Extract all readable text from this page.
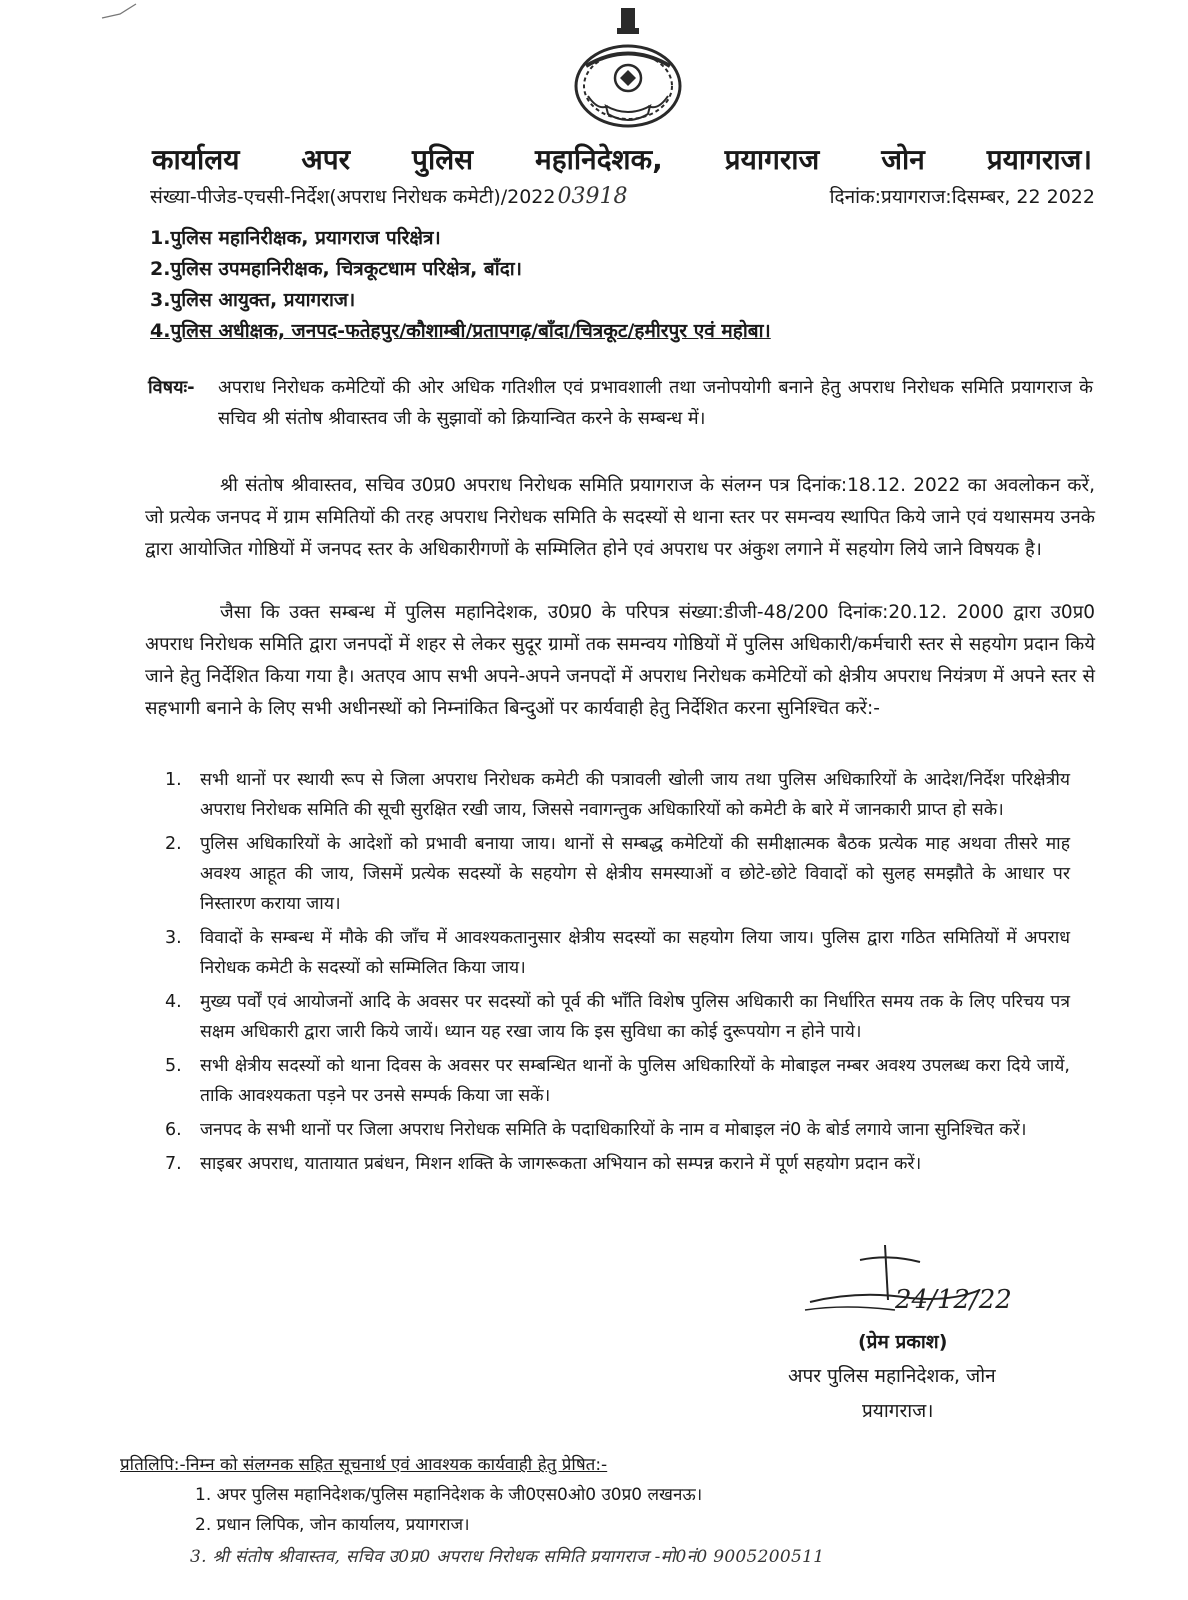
कार्यालय अपर पुलिस महानिदेशक, प्रयागराज जोन प्रयागराज।
संख्या-पीजेड-एचसी-निर्देश(अपराध निरोधक कमेटी)/202203918	दिनांक:प्रयागराज:दिसम्बर, 22 2022
1.पुलिस महानिरीक्षक, प्रयागराज परिक्षेत्र।
2.पुलिस उपमहानिरीक्षक, चित्रकूटधाम परिक्षेत्र, बाँदा।
3.पुलिस आयुक्त, प्रयागराज।
4.पुलिस अधीक्षक, जनपद-फतेहपुर/कौशाम्बी/प्रतापगढ़/बाँदा/चित्रकूट/हमीरपुर एवं महोबा।
विषयः-	अपराध निरोधक कमेटियों की ओर अधिक गतिशील एवं प्रभावशाली तथा जनोपयोगी बनाने हेतु अपराध निरोधक समिति प्रयागराज के सचिव श्री संतोष श्रीवास्तव जी के सुझावों को क्रियान्वित करने के सम्बन्ध में।
श्री संतोष श्रीवास्तव, सचिव उ0प्र0 अपराध निरोधक समिति प्रयागराज के संलग्न पत्र दिनांक:18.12. 2022 का अवलोकन करें, जो प्रत्येक जनपद में ग्राम समितियों की तरह अपराध निरोधक समिति के सदस्यों से थाना स्तर पर समन्वय स्थापित किये जाने एवं यथासमय उनके द्वारा आयोजित गोष्ठियों में जनपद स्तर के अधिकारीगणों के सम्मिलित होने एवं अपराध पर अंकुश लगाने में सहयोग लिये जाने विषयक है।
जैसा कि उक्त सम्बन्ध में पुलिस महानिदेशक, उ0प्र0 के परिपत्र संख्या:डीजी-48/200 दिनांक:20.12. 2000 द्वारा उ0प्र0 अपराध निरोधक समिति द्वारा जनपदों में शहर से लेकर सुदूर ग्रामों तक समन्वय गोष्ठियों में पुलिस अधिकारी/कर्मचारी स्तर से सहयोग प्रदान किये जाने हेतु निर्देशित किया गया है। अतएव आप सभी अपने-अपने जनपदों में अपराध निरोधक कमेटियों को क्षेत्रीय अपराध नियंत्रण में अपने स्तर से सहभागी बनाने के लिए सभी अधीनस्थों को निम्नांकित बिन्दुओं पर कार्यवाही हेतु निर्देशित करना सुनिश्चित करें:-
1.	सभी थानों पर स्थायी रूप से जिला अपराध निरोधक कमेटी की पत्रावली खोली जाय तथा पुलिस अधिकारियों के आदेश/निर्देश परिक्षेत्रीय अपराध निरोधक समिति की सूची सुरक्षित रखी जाय, जिससे नवागन्तुक अधिकारियों को कमेटी के बारे में जानकारी प्राप्त हो सके।
2.	पुलिस अधिकारियों के आदेशों को प्रभावी बनाया जाय। थानों से सम्बद्ध कमेटियों की समीक्षात्मक बैठक प्रत्येक माह अथवा तीसरे माह अवश्य आहूत की जाय, जिसमें प्रत्येक सदस्यों के सहयोग से क्षेत्रीय समस्याओं व छोटे-छोटे विवादों को सुलह समझौते के आधार पर निस्तारण कराया जाय।
3.	विवादों के सम्बन्ध में मौके की जाँच में आवश्यकतानुसार क्षेत्रीय सदस्यों का सहयोग लिया जाय। पुलिस द्वारा गठित समितियों में अपराध निरोधक कमेटी के सदस्यों को सम्मिलित किया जाय।
4.	मुख्य पर्वों एवं आयोजनों आदि के अवसर पर सदस्यों को पूर्व की भाँति विशेष पुलिस अधिकारी का निर्धारित समय तक के लिए परिचय पत्र सक्षम अधिकारी द्वारा जारी किये जायें। ध्यान यह रखा जाय कि इस सुविधा का कोई दुरूपयोग न होने पाये।
5.	सभी क्षेत्रीय सदस्यों को थाना दिवस के अवसर पर सम्बन्धित थानों के पुलिस अधिकारियों के मोबाइल नम्बर अवश्य उपलब्ध करा दिये जायें, ताकि आवश्यकता पड़ने पर उनसे सम्पर्क किया जा सकें।
6.	जनपद के सभी थानों पर जिला अपराध निरोधक समिति के पदाधिकारियों के नाम व मोबाइल नं0 के बोर्ड लगाये जाना सुनिश्चित करें।
7.	साइबर अपराध, यातायात प्रबंधन, मिशन शक्ति के जागरूकता अभियान को सम्पन्न कराने में पूर्ण सहयोग प्रदान करें।
24/12/22
(प्रेम प्रकाश)
अपर पुलिस महानिदेशक, जोन
प्रयागराज।
प्रतिलिपि:-निम्न को संलग्नक सहित सूचनार्थ एवं आवश्यक कार्यवाही हेतु प्रेषित:-
1. अपर पुलिस महानिदेशक/पुलिस महानिदेशक के जी0एस0ओ0 उ0प्र0 लखनऊ।
2. प्रधान लिपिक, जोन कार्यालय, प्रयागराज।
3. श्री संतोष श्रीवास्तव, सचिव उ0प्र0 अपराध निरोधक समिति प्रयागराज -मो0नं0 9005200511
